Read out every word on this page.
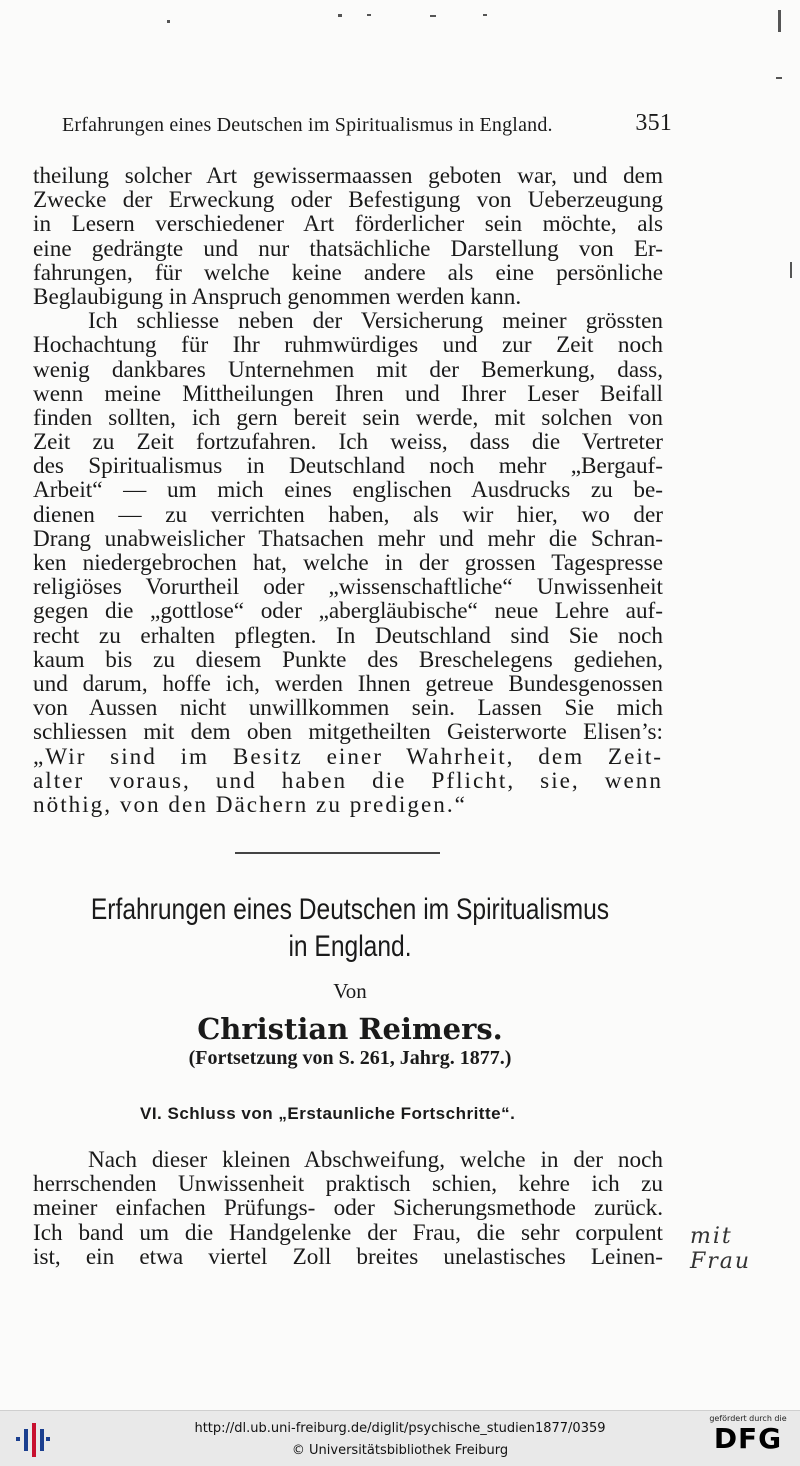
Erfahrungen eines Deutschen im Spiritualismus in England.	351
theilung solcher Art gewissermaassen geboten war, und dem
Zwecke der Erweckung oder Befestigung von Ueberzeugung
in Lesern verschiedener Art förderlicher sein möchte, als
eine gedrängte und nur thatsächliche Darstellung von Er-
fahrungen, für welche keine andere als eine persönliche
Beglaubigung in Anspruch genommen werden kann.
Ich schliesse neben der Versicherung meiner grössten
Hochachtung für Ihr ruhmwürdiges und zur Zeit noch
wenig dankbares Unternehmen mit der Bemerkung, dass,
wenn meine Mittheilungen Ihren und Ihrer Leser Beifall
finden sollten, ich gern bereit sein werde, mit solchen von
Zeit zu Zeit fortzufahren. Ich weiss, dass die Vertreter
des Spiritualismus in Deutschland noch mehr „Bergauf-
Arbeit“ — um mich eines englischen Ausdrucks zu be-
dienen — zu verrichten haben, als wir hier, wo der
Drang unabweislicher Thatsachen mehr und mehr die Schran-
ken niedergebrochen hat, welche in der grossen Tagespresse
religiöses Vorurtheil oder „wissenschaftliche“ Unwissenheit
gegen die „gottlose“ oder „abergläubische“ neue Lehre auf-
recht zu erhalten pflegten. In Deutschland sind Sie noch
kaum bis zu diesem Punkte des Breschelegens gediehen,
und darum, hoffe ich, werden Ihnen getreue Bundesgenossen
von Aussen nicht unwillkommen sein. Lassen Sie mich
schliessen mit dem oben mitgetheilten Geisterworte Elisen’s:
„Wir sind im Besitz einer Wahrheit, dem Zeit-
alter voraus, und haben die Pflicht, sie, wenn
nöthig, von den Dächern zu predigen.“
Erfahrungen eines Deutschen im Spiritualismus
in England.
Von
Christian Reimers.
(Fortsetzung von S. 261, Jahrg. 1877.)
VI. Schluss von „Erstaunliche Fortschritte“.
Nach dieser kleinen Abschweifung, welche in der noch
herrschenden Unwissenheit praktisch schien, kehre ich zu
meiner einfachen Prüfungs- oder Sicherungsmethode zurück.
Ich band um die Handgelenke der Frau, die sehr corpulent
ist, ein etwa viertel Zoll breites unelastisches Leinen-
mit Frau
http://dl.ub.uni-freiburg.de/diglit/psychische_studien1877/0359
© Universitätsbibliothek Freiburg
gefördert durch die
DFG
